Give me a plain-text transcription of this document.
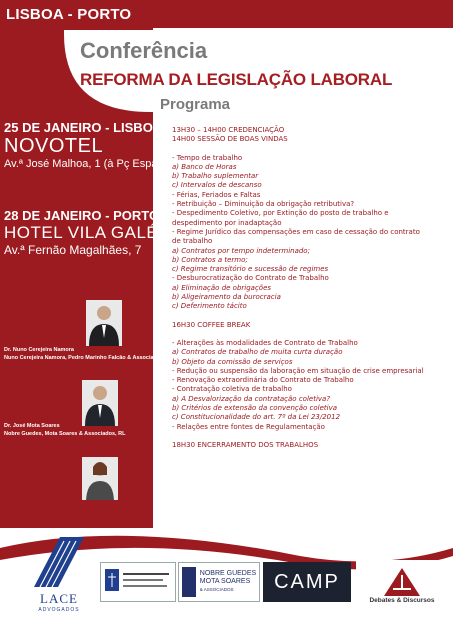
LISBOA - PORTO
Conferência
REFORMA DA LEGISLAÇÃO LABORAL
Programa
25 DE JANEIRO - LISBOA
NOVOTEL
Av.ª José Malhoa, 1 (à Pç Espanha)
28 DE JANEIRO - PORTO
HOTEL VILA GALÉ
Av.ª Fernão Magalhães, 7
Dr. Nuno Cerejeira Namora
Nuno Cerejeira Namora, Pedro Marinho Falcão & Associados, RL
Dr. José Mota Soares
Nobre Guedes, Mota Soares & Associados, RL
13H30 – 14H00 CREDENCIAÇÃO
14H00 SESSÃO DE BOAS VINDAS
- Tempo de trabalho
a) Banco de Horas
b) Trabalho suplementar
c) Intervalos de descanso
- Férias, Feriados e Faltas
- Retribuição – Diminuição da obrigação retributiva?
- Despedimento Coletivo, por Extinção do posto de trabalho e
despedimento por inadaptação
- Regime Jurídico das compensações em caso de cessação do contrato
de trabalho
a) Contratos por tempo indeterminado;
b) Contratos a termo;
c) Regime transitório e sucessão de regimes
- Desburocratização do Contrato de Trabalho
a) Eliminação de obrigações
b) Aligeiramento da burocracia
c) Deferimento tácito
16H30 COFFEE BREAK
- Alterações às modalidades de Contrato de Trabalho
a) Contratos de trabalho de muita curta duração
b) Objeto da comissão de serviços
- Redução ou suspensão da laboração em situação de crise empresarial
- Renovação extraordinária do Contrato de Trabalho
- Contratação coletiva de trabalho
a) A Desvalorização da contratação coletiva?
b) Critérios de extensão da convenção coletiva
c) Constitucionalidade do art. 7º da Lei 23/2012
- Relações entre fontes de Regulamentação
18H30 ENCERRAMENTO DOS TRABALHOS
LACE
ADVOGADOS
NOBRE GUEDES
MOTA SOARES
& ASSOCIADOS	CAMP
Debates & Discursos
